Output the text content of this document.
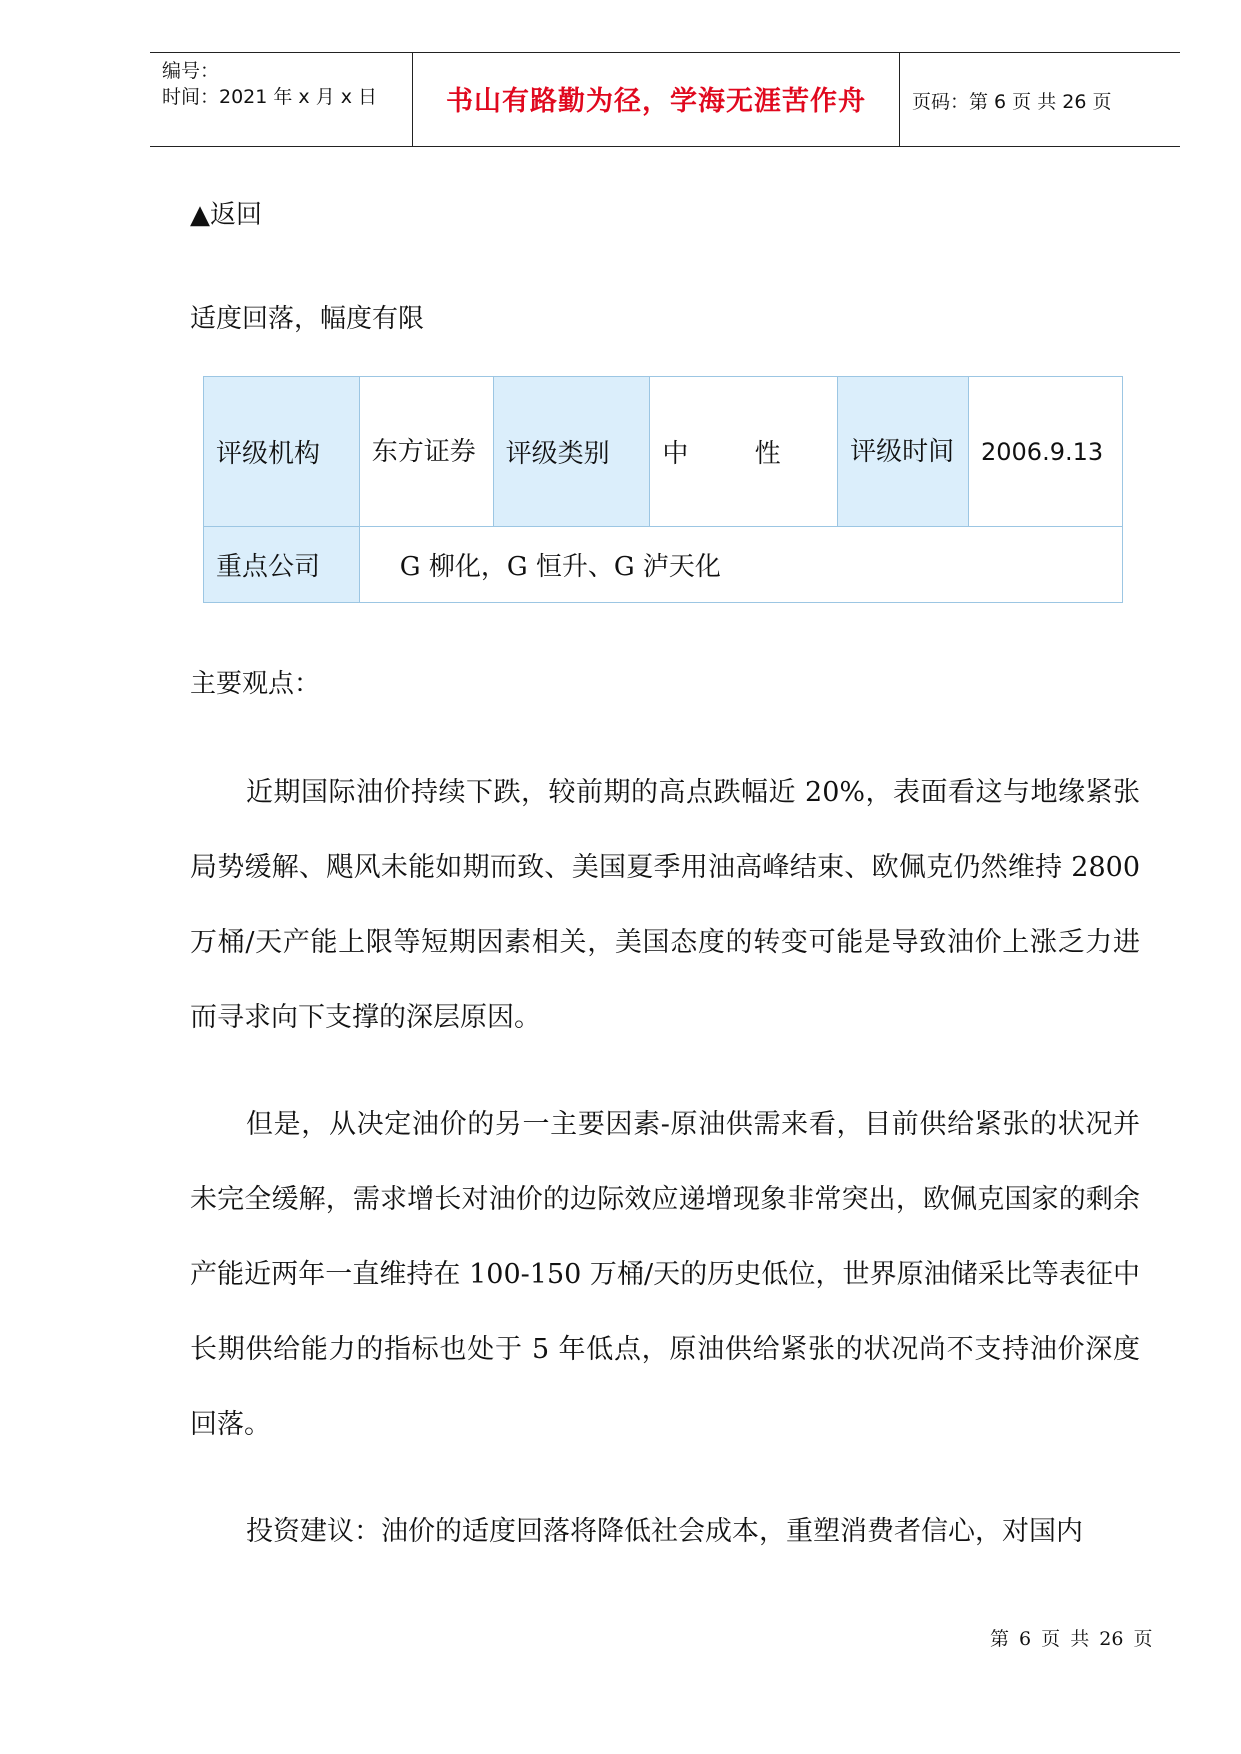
编号：
时间：2021 年 x 月 x 日	书山有路勤为径，学海无涯苦作舟	页码：第 6 页 共 26 页
▲返回
适度回落，幅度有限
评级机构	东方证券	评级类别	中 性	评级时间	2006.9.13
重点公司	G 柳化，G 恒升、G 泸天化				
主要观点：
近期国际油价持续下跌，较前期的高点跌幅近 20%，表面看这与地缘紧张局势缓解、飓风未能如期而致、美国夏季用油高峰结束、欧佩克仍然维持 2800 万桶/天产能上限等短期因素相关，美国态度的转变可能是导致油价上涨乏力进而寻求向下支撑的深层原因。
但是，从决定油价的另一主要因素-原油供需来看，目前供给紧张的状况并未完全缓解，需求增长对油价的边际效应递增现象非常突出，欧佩克国家的剩余产能近两年一直维持在 100-150 万桶/天的历史低位，世界原油储采比等表征中长期供给能力的指标也处于 5 年低点，原油供给紧张的状况尚不支持油价深度回落。
投资建议：油价的适度回落将降低社会成本，重塑消费者信心，对国内
第 6 页 共 26 页
